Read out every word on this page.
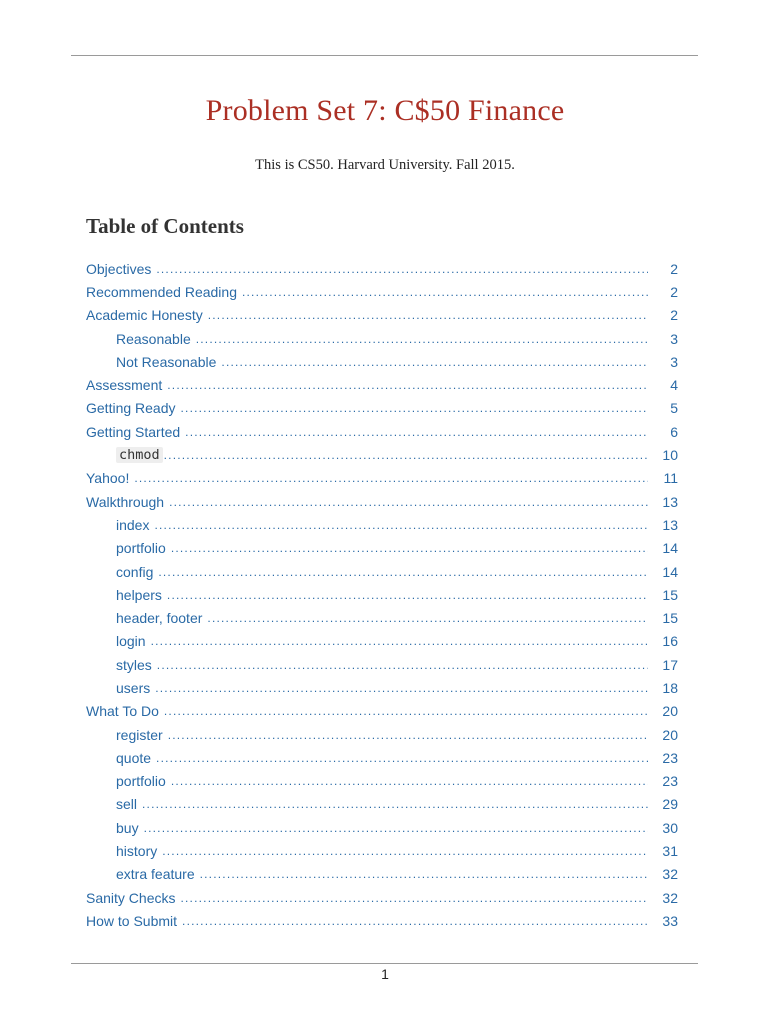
Problem Set 7: C$50 Finance
This is CS50. Harvard University. Fall 2015.
Table of Contents
Objectives .....	2
Recommended Reading .....	2
Academic Honesty .....	2
Reasonable .....	3
Not Reasonable .....	3
Assessment .....	4
Getting Ready .....	5
Getting Started .....	6
chmod .....	10
Yahoo! .....	11
Walkthrough .....	13
index .....	13
portfolio .....	14
config .....	14
helpers .....	15
header, footer .....	15
login .....	16
styles .....	17
users .....	18
What To Do .....	20
register .....	20
quote .....	23
portfolio .....	23
sell .....	29
buy .....	30
history .....	31
extra feature .....	32
Sanity Checks .....	32
How to Submit .....	33
1
